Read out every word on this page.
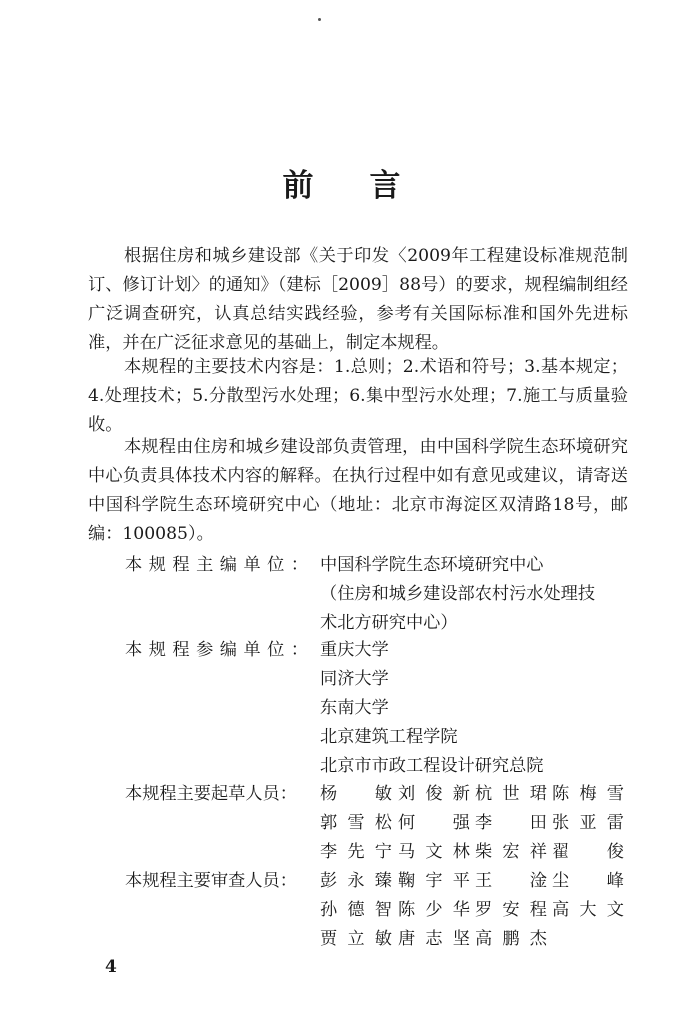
前言

根据住房和城乡建设部《关于印发〈2009年工程建设标准规范制订、修订计划〉的通知》（建标［2009］88号）的要求，规程编制组经广泛调查研究，认真总结实践经验，参考有关国际标准和国外先进标准，并在广泛征求意见的基础上，制定本规程。

本规程的主要技术内容是：1.总则；2.术语和符号；3.基本规定；4.处理技术；5.分散型污水处理；6.集中型污水处理；7.施工与质量验收。

本规程由住房和城乡建设部负责管理，由中国科学院生态环境研究中心负责具体技术内容的解释。在执行过程中如有意见或建议，请寄送中国科学院生态环境研究中心（地址：北京市海淀区双清路18号，邮编：100085）。

本规程主编单位： 中国科学院生态环境研究中心
（住房和城乡建设部农村污水处理技
术北方研究中心）
本规程参编单位： 重庆大学
同济大学
东南大学
北京建筑工程学院
北京市市政工程设计研究总院
本规程主要起草人员： 杨　敏 刘俊新 杭世珺 陈梅雪
郭雪松 何　强 李　田 张亚雷
李先宁 马文林 柴宏祥 翟　俊
本规程主要审查人员： 彭永臻 鞠宇平 王　淦 尘　峰
孙德智 陈少华 罗安程 高大文
贾立敏 唐志坚 高鹏杰
4
